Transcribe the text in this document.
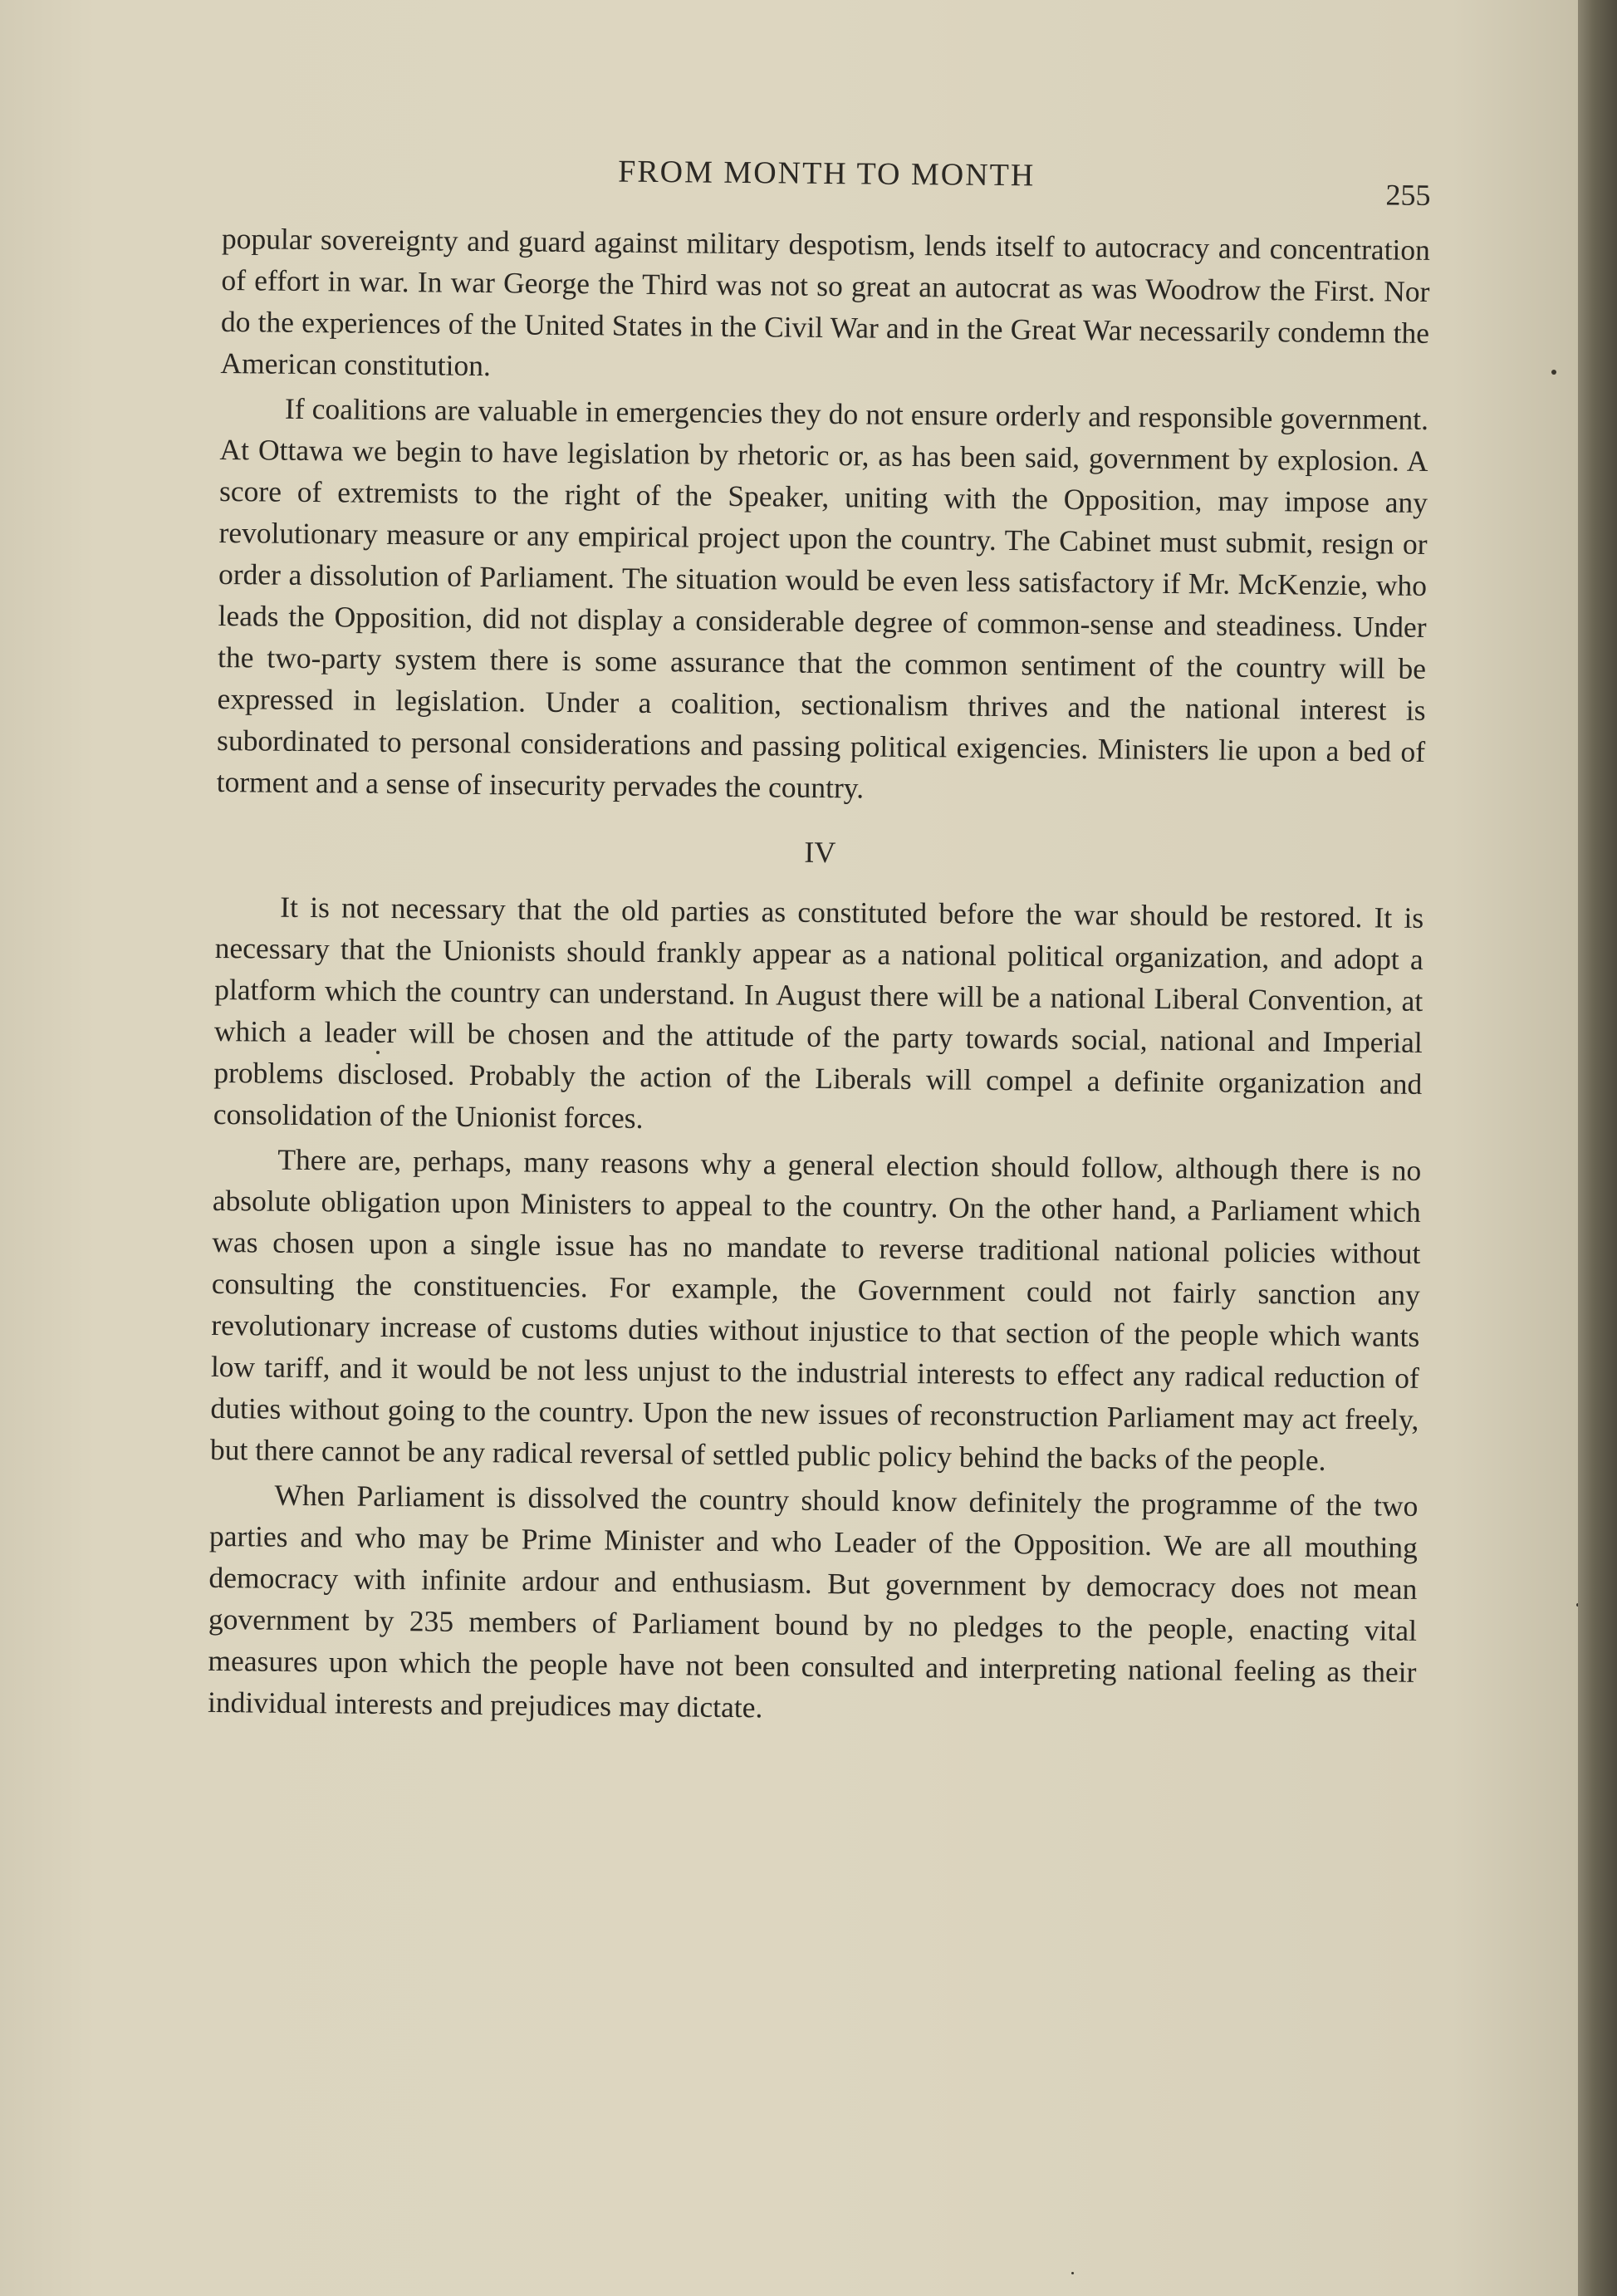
FROM MONTH TO MONTH
255

popular sovereignty and guard against military despotism, lends itself to autocracy and concentration of effort in war. In war George the Third was not so great an autocrat as was Woodrow the First. Nor do the experiences of the United States in the Civil War and in the Great War necessarily condemn the American constitution.

If coalitions are valuable in emergencies they do not ensure orderly and responsible government. At Ottawa we begin to have legislation by rhetoric or, as has been said, government by explosion. A score of extremists to the right of the Speaker, uniting with the Opposition, may impose any revolutionary measure or any empirical project upon the country. The Cabinet must submit, resign or order a dissolution of Parliament. The situation would be even less satisfactory if Mr. McKenzie, who leads the Opposition, did not display a considerable degree of common-sense and steadiness. Under the two-party system there is some assurance that the common sentiment of the country will be expressed in legislation. Under a coalition, sectionalism thrives and the national interest is subordinated to personal considerations and passing political exigencies. Ministers lie upon a bed of torment and a sense of insecurity pervades the country.

IV

It is not necessary that the old parties as constituted before the war should be restored. It is necessary that the Unionists should frankly appear as a national political organization, and adopt a platform which the country can understand. In August there will be a national Liberal Convention, at which a leader will be chosen and the attitude of the party towards social, national and Imperial problems disclosed. Probably the action of the Liberals will compel a definite organization and consolidation of the Unionist forces.

There are, perhaps, many reasons why a general election should follow, although there is no absolute obligation upon Ministers to appeal to the country. On the other hand, a Parliament which was chosen upon a single issue has no mandate to reverse traditional national policies without consulting the constituencies. For example, the Government could not fairly sanction any revolutionary increase of customs duties without injustice to that section of the people which wants low tariff, and it would be not less unjust to the industrial interests to effect any radical reduction of duties without going to the country. Upon the new issues of reconstruction Parliament may act freely, but there cannot be any radical reversal of settled public policy behind the backs of the people.

When Parliament is dissolved the country should know definitely the programme of the two parties and who may be Prime Minister and who Leader of the Opposition. We are all mouthing democracy with infinite ardour and enthusiasm. But government by democracy does not mean government by 235 members of Parliament bound by no pledges to the people, enacting vital measures upon which the people have not been consulted and interpreting national feeling as their individual interests and prejudices may dictate.
